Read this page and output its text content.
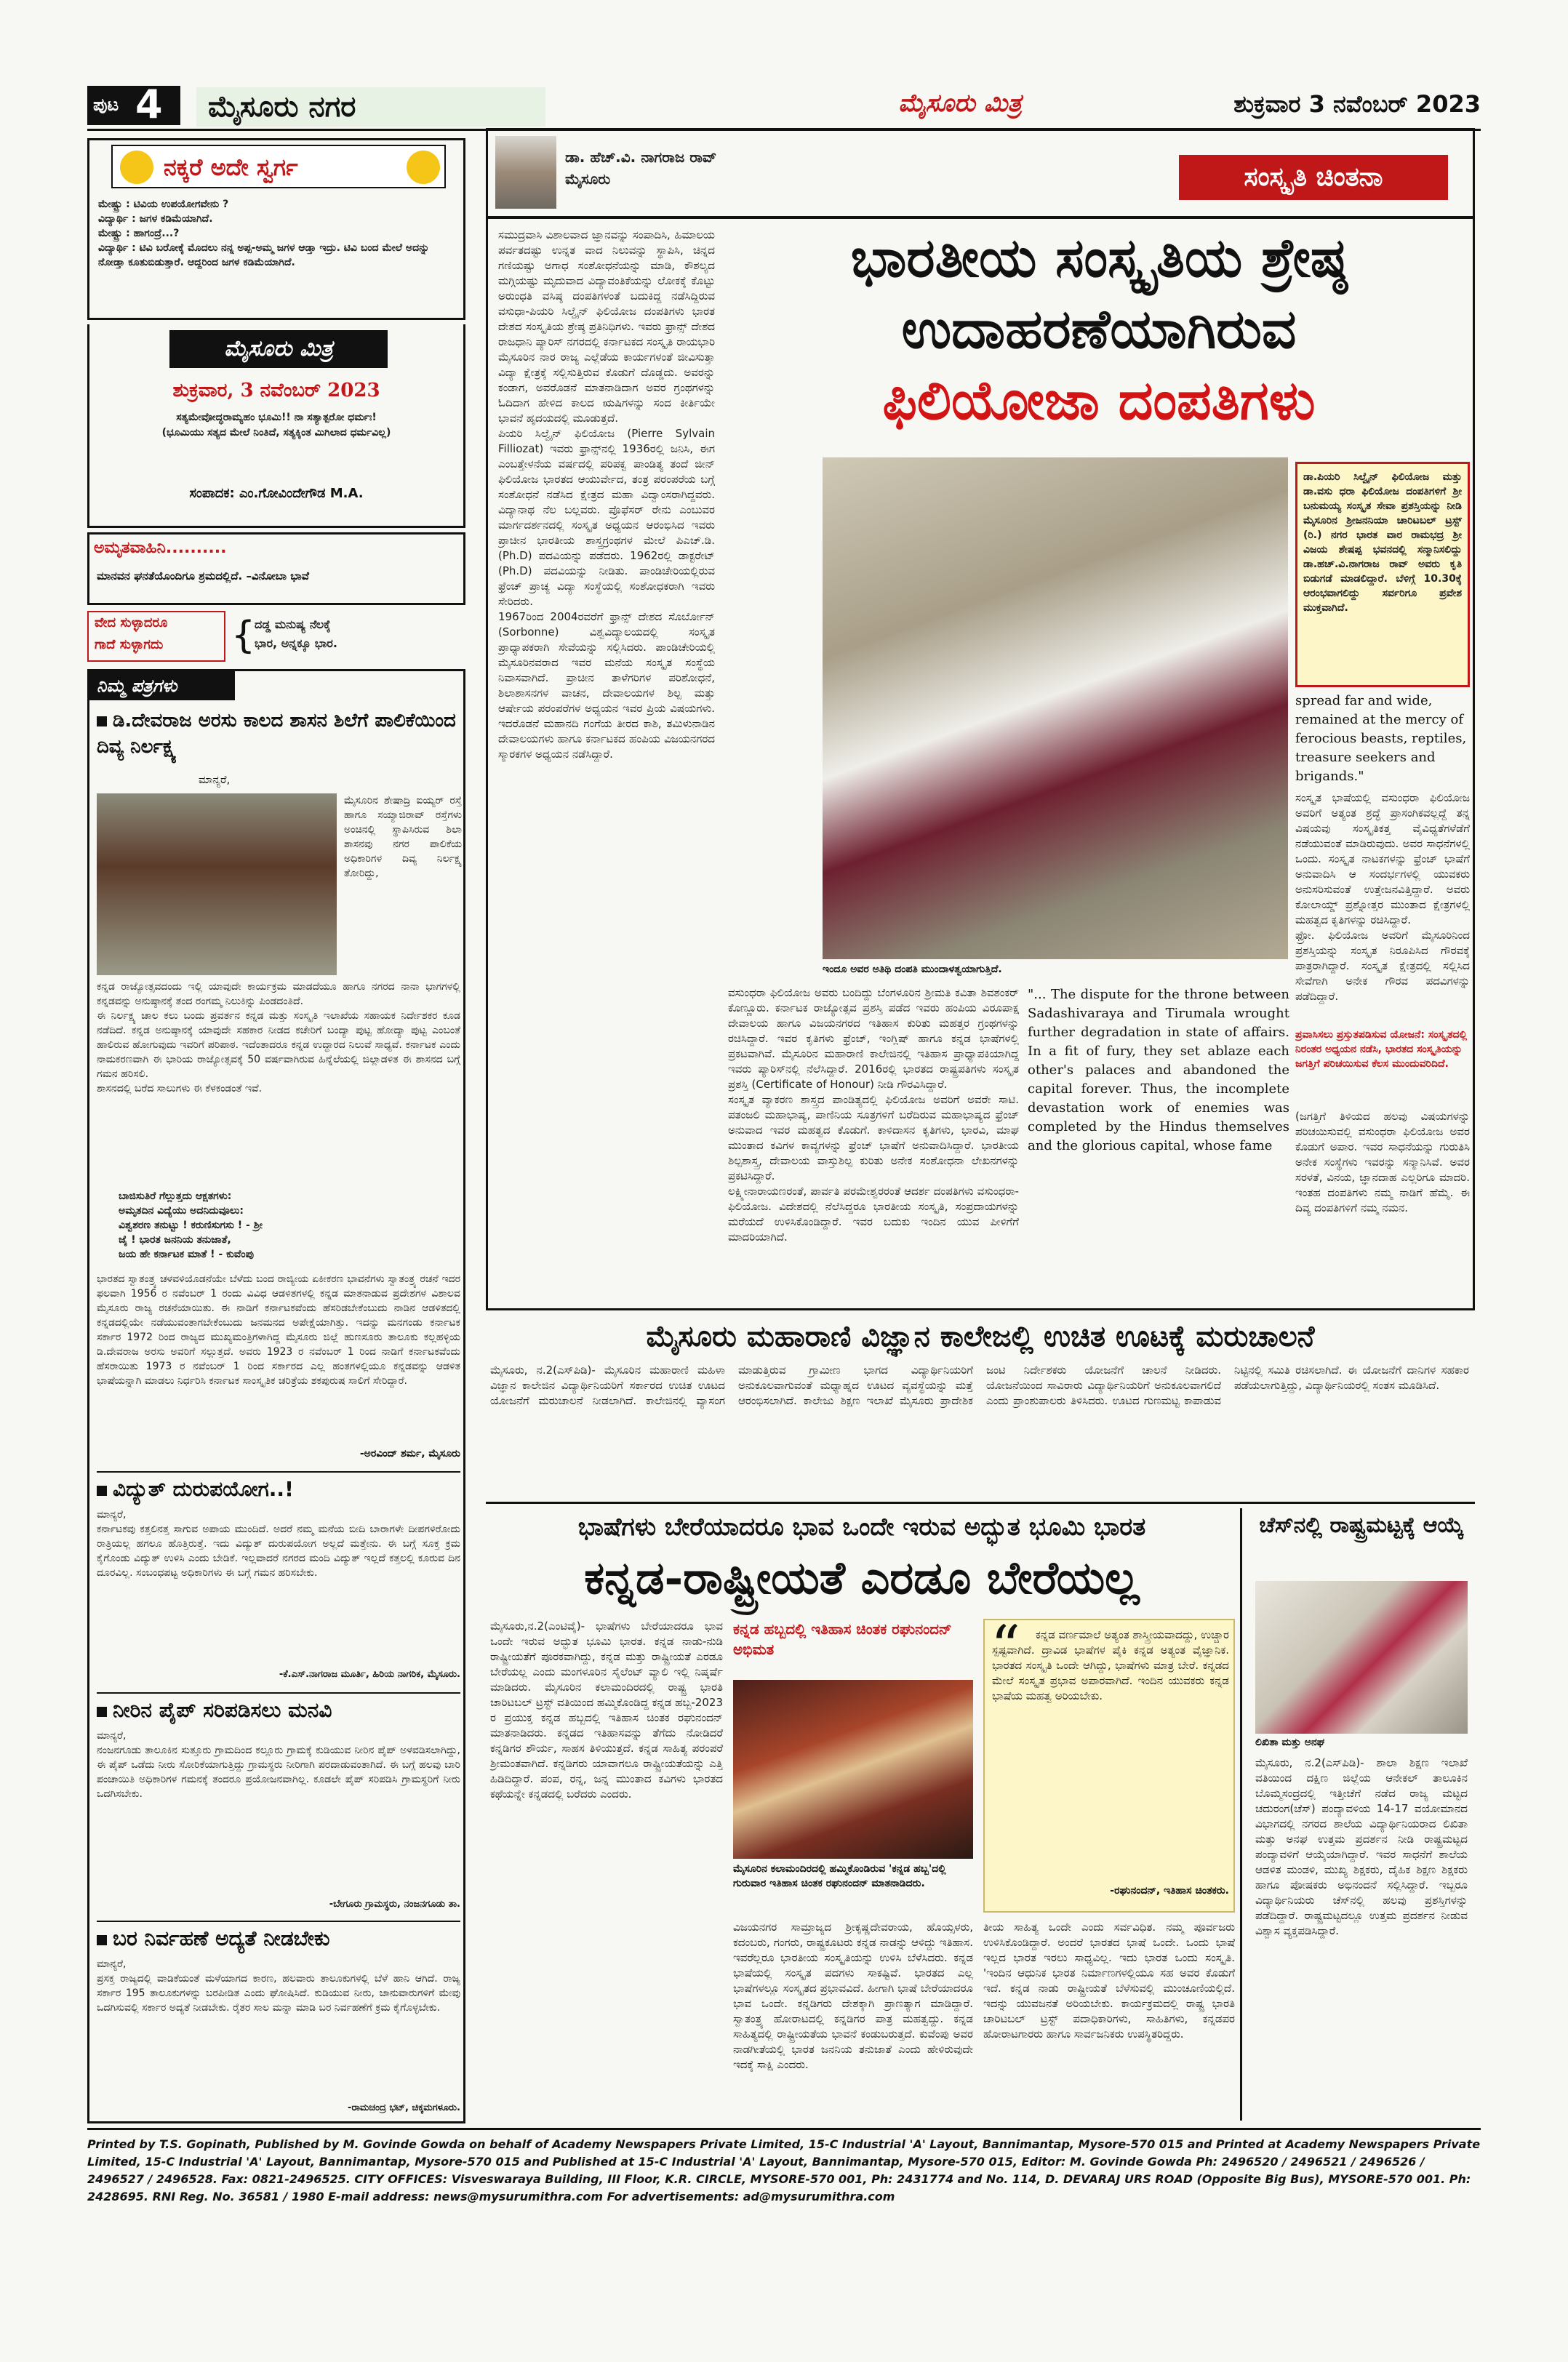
ಪುಟ 4	ಮೈಸೂರು ನಗರ	ಮೈಸೂರು ಮಿತ್ರ	ಶುಕ್ರವಾರ 3 ನವೆಂಬರ್ 2023
ನಕ್ಕರೆ ಅದೇ ಸ್ವರ್ಗ
ಮೇಷ್ಟ್ರು : ಟಿವಿಯ ಉಪಯೋಗವೇನು ?
ವಿದ್ಯಾರ್ಥಿ : ಜಗಳ ಕಡಿಮೆಯಾಗಿದೆ.
ಮೇಷ್ಟ್ರು : ಹಾಗಂದ್ರೆ...?
ವಿದ್ಯಾರ್ಥಿ : ಟಿವಿ ಬರೋಕ್ಕೆ ಮೊದಲು ನನ್ನ ಅಪ್ಪ-ಅಮ್ಮ ಜಗಳ ಆಡ್ತಾ ಇದ್ರು. ಟಿವಿ ಬಂದ ಮೇಲೆ ಅದನ್ನು ನೋಡ್ತಾ ಕೂತುಬಿಡುತ್ತಾರೆ. ಆದ್ದರಿಂದ ಜಗಳ ಕಡಿಮೆಯಾಗಿದೆ.
ಮೈಸೂರು ಮಿತ್ರ
ಶುಕ್ರವಾರ, 3 ನವೆಂಬರ್ 2023
ಸತ್ಯಮೇವೋದ್ಧರಾಮ್ಯಹಂ ಭೂಮಿ!! ನಾ ಸತ್ಯಾತ್ಪರೋ ಧರ್ಮಃ!
(ಭೂಮಿಯು ಸತ್ಯದ ಮೇಲೆ ನಿಂತಿದೆ, ಸತ್ಯಕ್ಕಿಂತ ಮಿಗಿಲಾದ ಧರ್ಮವಿಲ್ಲ)
ಸಂಪಾದಕ: ಎಂ.ಗೋವಿಂದೇಗೌಡ M.A.
ಅಮೃತವಾಹಿನಿ..........
ಮಾನವನ ಘನತೆಯೊಂದಿಗೂ ಶ್ರಮದಲ್ಲಿದೆ. –ವಿನೋಬಾ ಭಾವೆ
ವೇದ ಸುಳ್ಳಾದರೂ
ಗಾದೆ ಸುಳ್ಳಾಗದು	{
ದಡ್ಡ ಮನುಷ್ಯ ನೆಲಕ್ಕೆ
ಭಾರ, ಅನ್ನಕ್ಕೂ ಭಾರ.
ನಿಮ್ಮ ಪತ್ರಗಳು
ಡಿ.ದೇವರಾಜ ಅರಸು ಕಾಲದ ಶಾಸನ ಶಿಲೆಗೆ ಪಾಲಿಕೆಯಿಂದ ದಿವ್ಯ ನಿರ್ಲಕ್ಷ್ಯ
ಮಾನ್ಯರೆ,
ಮೈಸೂರಿನ ಶೇಷಾದ್ರಿ ಐಯ್ಯರ್ ರಸ್ತೆ ಹಾಗೂ ಸಯ್ಯಾಜಿರಾವ್ ರಸ್ತೆಗಳು ಅಂಚಿನಲ್ಲಿ ಸ್ಥಾಪಿಸಿರುವ ಶಿಲಾ ಶಾಸನವು ನಗರ ಪಾಲಿಕೆಯ ಅಧಿಕಾರಿಗಳ ದಿವ್ಯ ನಿರ್ಲಕ್ಷ್ಯ ತೋರಿದ್ದು,
ಕನ್ನಡ ರಾಜ್ಯೋತ್ಸವದಂದು ಇಲ್ಲಿ ಯಾವುದೇ ಕಾರ್ಯಕ್ರಮ ಮಾಡದೆಯೂ ಹಾಗೂ ನಗರದ ನಾನಾ ಭಾಗಗಳಲ್ಲಿ ಕನ್ನಡವನ್ನು ಅನುಷ್ಠಾನಕ್ಕೆ ತಂದ ರಂಗಮ್ಮ ನಿಲುಕಿನ್ನು ಪಿಂಡದಂತಿದೆ.
ಈ ನಿರ್ಲಕ್ಷ್ಯ ಚಾಲ ಕಲು ಬಂದು ಪ್ರವರ್ತನ ಕನ್ನಡ ಮತ್ತು ಸಂಸ್ಕೃತಿ ಇಲಾಖೆಯ ಸಹಾಯಕ ನಿರ್ದೇಶಕರ ಕೂಡ ನಡೆದಿದೆ. ಕನ್ನಡ ಅನುಷ್ಠಾನಕ್ಕೆ ಯಾವುದೇ ಸಹಕಾರ ನೀಡದ ಕಚೇರಿಗೆ ಬಂದ್ಯಾ ಪುಟ್ಟ ಹೋದ್ಯಾ ಪುಟ್ಟ ಎಂಬಂತೆ ಹಾಲಿರುವ ಹೋಗುವುದು ಇವರಿಗೆ ಪರಿಪಾಠ. ಇದೆಂತಾದರೂ ಕನ್ನಡ ಉದ್ಧಾರದ ನಿಲುವೆ ಸಾಧ್ಯವೆ. ಕರ್ನಾಟಕ ಎಂದು ನಾಮಕರಣವಾಗಿ ಈ ಭಾರಿಯ ರಾಜ್ಯೋತ್ಸವಕ್ಕೆ 50 ವರ್ಷವಾಗಿರುವ ಹಿನ್ನೆಲೆಯಲ್ಲಿ ಜಿಲ್ಲಾಡಳಿತ ಈ ಶಾಸನದ ಬಗ್ಗೆ ಗಮನ ಹರಿಸಲಿ.
ಶಾಸನದಲ್ಲಿ ಬರೆದ ಸಾಲುಗಳು ಈ ಕೆಳಕಂಡಂತೆ ಇವೆ.
ಬಾಜಿಸುತಿರೆ ಗೆಲ್ಲುತ್ತದು ಆಕ್ಷತಗಳು:
ಅಮೃತದಿನ ವಿದ್ಯೆಯು ಅದನಿದುವೂಲು:
ವಿಶ್ವಶರಣ ತನುಟ್ಟು ! ಕರುಣಿಸುಗಸು ! - ಶ್ರೀ
ಜೈ ! ಭಾರತ ಜನನಿಯ ತನುಜಾತೆ,
ಜಯ ಹೇ ಕರ್ನಾಟಕ ಮಾತೆ ! - ಕುವೆಂಪು
ಭಾರತದ ಸ್ವಾತಂತ್ರ್ಯ ಚಳವಳಿಯೊಡನೆಯೇ ಬೆಳೆದು ಬಂದ ರಾಜ್ಯೀಯ ಏಕೀಕರಣ ಭಾವನೆಗಳು ಸ್ವಾತಂತ್ರ್ಯ ರಚನೆ ಇದರ ಫಲವಾಗಿ 1956 ರ ನವೆಂಬರ್ 1 ರಂದು ವಿವಿಧ ಆಡಳಿತಗಳಲ್ಲಿ ಕನ್ನಡ ಮಾತನಾಡುವ ಪ್ರದೇಶಗಳ ವಿಶಾಲವ ಮೈಸೂರು ರಾಜ್ಯ ರಚನೆಯಾಯಿತು. ಈ ನಾಡಿಗೆ ಕರ್ನಾಟಕವೆಂದು ಹೆಸರಿಡಬೇಕೆಂಬುದು ನಾಡಿನ ಆಡಳಿತದಲ್ಲಿ ಕನ್ನಡದಲ್ಲಿಯೇ ನಡೆಯುವಂತಾಗಬೇಕೆಂಬುದು ಜನಮನದ ಅಪೇಕ್ಷೆಯಾಗಿತ್ತು. ಇದನ್ನು ಮನಗಂಡು ಕರ್ನಾಟಕ ಸರ್ಕಾರ 1972 ರಿಂದ ರಾಜ್ಯದ ಮುಖ್ಯಮಂತ್ರಿಗಳಾಗಿದ್ದ ಮೈಸೂರು ಜಿಲ್ಲೆ ಹುಣಸೂರು ತಾಲೂಕು ಕಲ್ಲಹಳ್ಳಿಯ ಡಿ.ದೇವರಾಜ ಅರಸು ಅವರಿಗೆ ಸಲ್ಲುತ್ತದೆ. ಅವರು 1923 ರ ನವೆಂಬರ್ 1 ರಿಂದ ನಾಡಿಗೆ ಕರ್ನಾಟಕವೆಂದು ಹೆಸರಾಯಿತು 1973 ರ ನವೆಂಬರ್ 1 ರಿಂದ ಸರ್ಕಾರದ ಎಲ್ಲ ಹಂತಗಳಲ್ಲಿಯೂ ಕನ್ನಡವನ್ನು ಆಡಳಿತ ಭಾಷೆಯನ್ನಾಗಿ ಮಾಡಲು ನಿರ್ಧರಿಸಿ ಕರ್ನಾಟಕ ಸಾಂಸ್ಕೃತಿಕ ಚರಿತ್ರೆಯ ಶಕಪುರುಷ ಸಾಲಿಗೆ ಸೇರಿದ್ದಾರೆ.
-ಅರವಿಂದ್ ಶರ್ಮ, ಮೈಸೂರು
ವಿದ್ಯುತ್ ದುರುಪಯೋಗ..!
ಮಾನ್ಯರೆ,
ಕರ್ನಾಟಕವು ಕತ್ತಲಿನತ್ತ ಸಾಗುವ ಅಪಾಯ ಮುಂದಿದೆ. ಅದರೆ ನಮ್ಮ ಮನೆಯ ಬೀದಿ ಬಾರಾಗಳೇ ದೀಪಗಳಿರೋದು ರಾತ್ರಿಯಲ್ಲ ಹಗಲೂ ಹೊತ್ತಿರುತ್ತೆ. ಇದು ವಿದ್ಯುತ್ ದುರುಪಯೋಗ ಅಲ್ಲದೆ ಮತ್ತೇನು. ಈ ಬಗ್ಗೆ ಸೂಕ್ತ ಕ್ರಮ ಕೈಗೊಂಡು ವಿದ್ಯುತ್ ಉಳಿಸಿ ಎಂದು ಬೇಡಿಕೆ. ಇಲ್ಲವಾದರೆ ನಗರದ ಮಂದಿ ವಿದ್ಯುತ್ ಇಲ್ಲದೆ ಕತ್ತಲಲ್ಲಿ ಕೂರುವ ದಿನ ದೂರವಿಲ್ಲ. ಸಂಬಂಧಪಟ್ಟ ಅಧಿಕಾರಿಗಳು ಈ ಬಗ್ಗೆ ಗಮನ ಹರಿಸಬೇಕು.
-ಕೆ.ಎಸ್.ನಾಗರಾಜ ಮೂರ್ತಿ, ಹಿರಿಯ ನಾಗರಿಕ, ಮೈಸೂರು.
ನೀರಿನ ಪೈಪ್ ಸರಿಪಡಿಸಲು ಮನವಿ
ಮಾನ್ಯರೆ,
ನಂಜನಗೂಡು ತಾಲೂಕಿನ ಸುತ್ತೂರು ಗ್ರಾಮದಿಂದ ಕಲ್ಲೂರು ಗ್ರಾಮಕ್ಕೆ ಕುಡಿಯುವ ನೀರಿನ ಪೈಪ್ ಅಳವಡಿಸಲಾಗಿದ್ದು, ಈ ಪೈಪ್ ಒಡೆದು ನೀರು ಸೋರಿಕೆಯಾಗುತ್ತಿದ್ದು ಗ್ರಾಮಸ್ಥರು ನೀರಿಗಾಗಿ ಪರದಾಡುವಂತಾಗಿದೆ. ಈ ಬಗ್ಗೆ ಹಲವು ಬಾರಿ ಪಂಚಾಯಿತಿ ಅಧಿಕಾರಿಗಳ ಗಮನಕ್ಕೆ ತಂದರೂ ಪ್ರಯೋಜನವಾಗಿಲ್ಲ. ಕೂಡಲೇ ಪೈಪ್ ಸರಿಪಡಿಸಿ ಗ್ರಾಮಸ್ಥರಿಗೆ ನೀರು ಒದಗಿಸಬೇಕು.
-ಬೇಗೂರು ಗ್ರಾಮಸ್ಥರು, ನಂಜನಗೂಡು ತಾ.
ಬರ ನಿರ್ವಹಣೆ ಅದ್ಯತೆ ನೀಡಬೇಕು
ಮಾನ್ಯರೆ,
ಪ್ರಸಕ್ತ ರಾಜ್ಯದಲ್ಲಿ ವಾಡಿಕೆಯಂತೆ ಮಳೆಯಾಗದ ಕಾರಣ, ಹಲವಾರು ತಾಲೂಕುಗಳಲ್ಲಿ ಬೆಳೆ ಹಾನಿ ಆಗಿದೆ. ರಾಜ್ಯ ಸರ್ಕಾರ 195 ತಾಲೂಕುಗಳನ್ನು ಬರಪೀಡಿತ ಎಂದು ಘೋಷಿಸಿದೆ. ಕುಡಿಯುವ ನೀರು, ಜಾನುವಾರುಗಳಿಗೆ ಮೇವು ಒದಗಿಸುವಲ್ಲಿ ಸರ್ಕಾರ ಅದ್ಯತೆ ನೀಡಬೇಕು. ರೈತರ ಸಾಲ ಮನ್ನಾ ಮಾಡಿ ಬರ ನಿರ್ವಹಣೆಗೆ ಕ್ರಮ ಕೈಗೊಳ್ಳಬೇಕು.
-ರಾಮಚಂದ್ರ ಭಟ್, ಚಿಕ್ಕಮಗಳೂರು.
ಡಾ. ಹೆಚ್.ವಿ. ನಾಗರಾಜ ರಾವ್
ಮೈಸೂರು	ಸಂಸ್ಕೃತಿ ಚಿಂತನಾ
ಸಮುದ್ರವಾಸಿ ವಿಶಾಲವಾದ ಜ್ಞಾನವನ್ನು ಸಂಪಾದಿಸಿ, ಹಿಮಾಲಯ ಪರ್ವತದಷ್ಟು ಉನ್ನತ ವಾದ ನಿಲುವನ್ನು ಸ್ಥಾಪಿಸಿ, ಚಿನ್ನದ ಗಣಿಯಷ್ಟು ಅಗಾಧ ಸಂಶೋಧನೆಯನ್ನು ಮಾಡಿ, ಕೌಶಲ್ಯದ ಮಗ್ಗಿಯಷ್ಟು ಮೃದುವಾದ ವಿದ್ಯಾವಂತಿಕೆಯನ್ನು ಲೋಕಕ್ಕೆ ಕೊಟ್ಟು ಅರುಂಧತಿ ವಸಿಷ್ಠ ದಂಪತಿಗಳಂತೆ ಬದುಕಿದ್ದ ನಡೆಸಿದ್ದಿರುವ ವಸುಧಾ-ಪಿಯರಿ ಸಿಲ್ವೈನ್ ಫಿಲಿಯೋಜ ದಂಪತಿಗಳು ಭಾರತ ದೇಶದ ಸಂಸ್ಕೃತಿಯ ಶ್ರೇಷ್ಠ ಪ್ರತಿನಿಧಿಗಳು. ಇವರು ಫ್ರಾನ್ಸ್ ದೇಶದ ರಾಜಧಾನಿ ಪ್ಯಾರಿಸ್ ನಗರದಲ್ಲಿ ಕರ್ನಾಟಕದ ಸಂಸ್ಕೃತಿ ರಾಯಭಾರಿ ಮೈಸೂರಿನ ನಾರ ರಾಜ್ಯ ಎಲ್ಲೆಡೆಯ ಕಾರ್ಯಗಳಂತೆ ಜೀವಿಸುತ್ತಾ ವಿದ್ಯಾ ಕ್ಷೇತ್ರಕ್ಕೆ ಸಲ್ಲಿಸುತ್ತಿರುವ ಕೊಡುಗೆ ದೊಡ್ಡದು. ಅವರನ್ನು ಕಂಡಾಗ, ಅವರೊಡನೆ ಮಾತನಾಡಿದಾಗ ಅವರ ಗ್ರಂಥಗಳನ್ನು ಓದಿದಾಗ ಹೇಳಿದ ಕಾಲದ ಋಷಿಗಳನ್ನು ಸಂದ ಕೀರ್ತಿಯೇ ಭಾವನೆ ಹೃದಯದಲ್ಲಿ ಮೂಡುತ್ತದೆ.
ಪಿಯರಿ ಸಿಲ್ವೈನ್ ಫಿಲಿಯೋಜ (Pierre Sylvain Filliozat) ಇವರು ಫ್ರಾನ್ಸ್‌ನಲ್ಲಿ 1936ರಲ್ಲಿ ಜನಿಸಿ, ಈಗ ಎಂಬತ್ತೇಳನೆಯ ವರ್ಷದಲ್ಲಿ ಪರಿಪಕ್ವ ಪಾಂಡಿತ್ಯ ತಂದೆ ಜೀನ್ ಫಿಲಿಯೋಜ ಭಾರತದ ಆಯುರ್ವೇದ, ತಂತ್ರ ಪರಂಪರೆಯ ಬಗ್ಗೆ ಸಂಶೋಧನೆ ನಡೆಸಿದ ಕ್ಷೇತ್ರದ ಮಹಾ ವಿದ್ವಾಂಸರಾಗಿದ್ದವರು. ವಿದ್ಯಾನಾಥ ನೆಲ ಬಲ್ಲವರು. ಪ್ರೊಫೆಸರ್ ರೇನು ಎಂಬುವರ ಮಾರ್ಗದರ್ಶನದಲ್ಲಿ ಸಂಸ್ಕೃತ ಅಧ್ಯಯನ ಆರಂಭಿಸಿದ ಇವರು ಪ್ರಾಚೀನ ಭಾರತೀಯ ಶಾಸ್ತ್ರಗ್ರಂಥಗಳ ಮೇಲೆ ಪಿಎಚ್.ಡಿ. (Ph.D) ಪದವಿಯನ್ನು ಪಡೆದರು. 1962ರಲ್ಲಿ ಡಾಕ್ಟರೇಟ್ (Ph.D) ಪದವಿಯನ್ನು ನೀಡಿತು. ಪಾಂಡಿಚೇರಿಯಲ್ಲಿರುವ ಫ್ರೆಂಚ್ ಪ್ರಾಚ್ಯ ವಿದ್ಯಾ ಸಂಸ್ಥೆಯಲ್ಲಿ ಸಂಶೋಧಕರಾಗಿ ಇವರು ಸೇರಿದರು.
1967ರಿಂದ 2004ರವರೆಗೆ ಫ್ರಾನ್ಸ್ ದೇಶದ ಸೊರ್ಬೋನ್ (Sorbonne) ವಿಶ್ವವಿದ್ಯಾಲಯದಲ್ಲಿ ಸಂಸ್ಕೃತ ಪ್ರಾಧ್ಯಾಪಕರಾಗಿ ಸೇವೆಯನ್ನು ಸಲ್ಲಿಸಿದರು. ಪಾಂಡಿಚೇರಿಯಲ್ಲಿ ಮೈಸೂರಿನವರಾದ ಇವರ ಮನೆಯ ಸಂಸ್ಕೃತ ಸಂಸ್ಥೆಯ ನಿವಾಸವಾಗಿದೆ. ಪ್ರಾಚೀನ ತಾಳೆಗರಿಗಳ ಪರಿಶೋಧನೆ, ಶಿಲಾಶಾಸನಗಳ ವಾಚನ, ದೇವಾಲಯಗಳ ಶಿಲ್ಪ ಮತ್ತು ಆರ್ಷೇಯ ಪರಂಪರೆಗಳ ಅಧ್ಯಯನ ಇವರ ಪ್ರಿಯ ವಿಷಯಗಳು. ಇದರೊಡನೆ ಮಹಾನದಿ ಗಂಗೆಯ ತೀರದ ಕಾಶಿ, ತಮಿಳುನಾಡಿನ ದೇವಾಲಯಗಳು ಹಾಗೂ ಕರ್ನಾಟಕದ ಹಂಪಿಯ ವಿಜಯನಗರದ ಸ್ಮಾರಕಗಳ ಅಧ್ಯಯನ ನಡೆಸಿದ್ದಾರೆ.
ಭಾರತೀಯ ಸಂಸ್ಕೃತಿಯ ಶ್ರೇಷ್ಠ
ಉದಾಹರಣೆಯಾಗಿರುವ
ಫಿಲಿಯೋಜಾ ದಂಪತಿಗಳು
ಇಂದೂ ಅವರ ಅತಿಥಿ ದಂಪತಿ ಮುಂದಾಳತ್ವಯಾಗುತ್ತಿದೆ.
ಡಾ.ಪಿಯರಿ ಸಿಲ್ವೈನ್ ಫಿಲಿಯೋಜ ಮತ್ತು ಡಾ.ವಸು ಧರಾ ಫಿಲಿಯೋಜ ದಂಪತಿಗಳಿಗೆ ಶ್ರೀ ಬನುಮಯ್ಯ ಸಂಸ್ಕೃತ ಸೇವಾ ಪ್ರಶಸ್ತಿಯನ್ನು ನೀಡಿ ಮೈಸೂರಿನ ಶ್ರೀಜನನಿಯಾ ಚಾರಿಟಬಲ್ ಟ್ರಸ್ಟ್ (ರಿ.) ನಗರ ಭಾರತ ವಾರ ರಾಮಭದ್ರ ಶ್ರೀ ವಿಜಯ ಶೇಷಪ್ಪ ಭವನದಲ್ಲಿ ಸನ್ಮಾನಿಸಲಿದ್ದು ಡಾ.ಹಚ್.ವಿ.ನಾಗರಾಜ ರಾವ್ ಅವರು ಕೃತಿ ಬಿಡುಗಡೆ ಮಾಡಲಿದ್ದಾರೆ. ಬೆಳಿಗ್ಗೆ 10.30ಕ್ಕೆ ಆರಂಭವಾಗಲಿದ್ದು ಸರ್ವರಿಗೂ ಪ್ರವೇಶ ಮುಕ್ತವಾಗಿದೆ.
ವಸುಂಧರಾ ಫಿಲಿಯೋಜ ಅವರು ಬಂದಿದ್ದು ಬೆಂಗಳೂರಿನ ಶ್ರೀಮತಿ ಕವಿತಾ ಶಿವಶಂಕರ್ ಕೊಣ್ಣೂರು. ಕರ್ನಾಟಕ ರಾಜ್ಯೋತ್ಸವ ಪ್ರಶಸ್ತಿ ಪಡೆದ ಇವರು ಹಂಪಿಯ ವಿರೂಪಾಕ್ಷ ದೇವಾಲಯ ಹಾಗೂ ವಿಜಯನಗರದ ಇತಿಹಾಸ ಕುರಿತು ಮಹತ್ತರ ಗ್ರಂಥಗಳನ್ನು ರಚಿಸಿದ್ದಾರೆ. ಇವರ ಕೃತಿಗಳು ಫ್ರೆಂಚ್, ಇಂಗ್ಲಿಷ್ ಹಾಗೂ ಕನ್ನಡ ಭಾಷೆಗಳಲ್ಲಿ ಪ್ರಕಟವಾಗಿವೆ. ಮೈಸೂರಿನ ಮಹಾರಾಣಿ ಕಾಲೇಜಿನಲ್ಲಿ ಇತಿಹಾಸ ಪ್ರಾಧ್ಯಾಪಕಿಯಾಗಿದ್ದ ಇವರು ಪ್ಯಾರಿಸ್‌ನಲ್ಲಿ ನೆಲೆಸಿದ್ದಾರೆ. 2016ರಲ್ಲಿ ಭಾರತದ ರಾಷ್ಟ್ರಪತಿಗಳು ಸಂಸ್ಕೃತ ಪ್ರಶಸ್ತಿ (Certificate of Honour) ನೀಡಿ ಗೌರವಿಸಿದ್ದಾರೆ.
ಸಂಸ್ಕೃತ ವ್ಯಾಕರಣ ಶಾಸ್ತ್ರದ ಪಾಂಡಿತ್ಯದಲ್ಲಿ ಫಿಲಿಯೋಜ ಅವರಿಗೆ ಅವರೇ ಸಾಟಿ. ಪತಂಜಲಿ ಮಹಾಭಾಷ್ಯ, ಪಾಣಿನಿಯ ಸೂತ್ರಗಳಿಗೆ ಬರೆದಿರುವ ಮಹಾಭಾಷ್ಯದ ಫ್ರೆಂಚ್ ಅನುವಾದ ಇವರ ಮಹತ್ವದ ಕೊಡುಗೆ. ಕಾಳಿದಾಸನ ಕೃತಿಗಳು, ಭಾರವಿ, ಮಾಘ ಮುಂತಾದ ಕವಿಗಳ ಕಾವ್ಯಗಳನ್ನು ಫ್ರೆಂಚ್ ಭಾಷೆಗೆ ಅನುವಾದಿಸಿದ್ದಾರೆ. ಭಾರತೀಯ ಶಿಲ್ಪಶಾಸ್ತ್ರ, ದೇವಾಲಯ ವಾಸ್ತುಶಿಲ್ಪ ಕುರಿತು ಅನೇಕ ಸಂಶೋಧನಾ ಲೇಖನಗಳನ್ನು ಪ್ರಕಟಿಸಿದ್ದಾರೆ.
ಲಕ್ಷ್ಮೀನಾರಾಯಣರಂತೆ, ಪಾರ್ವತಿ ಪರಮೇಶ್ವರರಂತೆ ಆದರ್ಶ ದಂಪತಿಗಳು ವಸುಂಧರಾ-ಫಿಲಿಯೋಜ. ವಿದೇಶದಲ್ಲಿ ನೆಲೆಸಿದ್ದರೂ ಭಾರತೀಯ ಸಂಸ್ಕೃತಿ, ಸಂಪ್ರದಾಯಗಳನ್ನು ಮರೆಯದೆ ಉಳಿಸಿಕೊಂಡಿದ್ದಾರೆ. ಇವರ ಬದುಕು ಇಂದಿನ ಯುವ ಪೀಳಿಗೆಗೆ ಮಾದರಿಯಾಗಿದೆ.
"... The dispute for the throne between Sadashivaraya and Tirumala wrought further degradation in state of affairs. In a fit of fury, they set ablaze each other's palaces and abandoned the capital forever. Thus, the incomplete devastation work of enemies was completed by the Hindus themselves and the glorious capital, whose fame
spread far and wide, remained at the mercy of ferocious beasts, reptiles, treasure seekers and brigands."
ಸಂಸ್ಕೃತ ಭಾಷೆಯಲ್ಲಿ ವಸುಂಧರಾ ಫಿಲಿಯೋಜ ಅವರಿಗೆ ಅತ್ಯಂತ ಶ್ರದ್ಧೆ ಪ್ರಾಸಂಗಿಕವಲ್ಲದ್ದೆ ತನ್ನ ವಿಷಯವು ಸಂಸ್ಕೃತಿಕತ್ತ ವೈವಿಧ್ಯತೆಗಳೆಡೆಗೆ ನಡೆಯುವಂತೆ ಮಾಡಿರುವುದು. ಅವರ ಸಾಧನೆಗಳಲ್ಲಿ ಒಂದು. ಸಂಸ್ಕೃತ ನಾಟಕಗಳನ್ನು ಫ್ರೆಂಚ್ ಭಾಷೆಗೆ ಅನುವಾದಿಸಿ ಆ ಸಂದರ್ಭಗಳಲ್ಲಿ ಯುವಕರು ಅನುಸರಿಸುವಂತೆ ಉತ್ತೇಜನವಿತ್ತಿದ್ದಾರೆ. ಅವರು ಕೋಲಾಯ್ಡ್ ಪ್ರಶ್ನೋತ್ತರ ಮುಂತಾದ ಕ್ಷೇತ್ರಗಳಲ್ಲಿ ಮಹತ್ವದ ಕೃತಿಗಳನ್ನು ರಚಿಸಿದ್ದಾರೆ.
ಫ್ರೋ. ಫಿಲಿಯೋಜ ಅವರಿಗೆ ಮೈಸೂರಿನಿಂದ ಪ್ರಶಸ್ತಿಯನ್ನು ಸಂಸ್ಕೃತ ನಿರೂಪಿಸಿದ ಗೌರವಕ್ಕೆ ಪಾತ್ರರಾಗಿದ್ದಾರೆ. ಸಂಸ್ಕೃತ ಕ್ಷೇತ್ರದಲ್ಲಿ ಸಲ್ಲಿಸಿದ ಸೇವೆಗಾಗಿ ಅನೇಕ ಗೌರವ ಪದವಿಗಳನ್ನು ಪಡೆದಿದ್ದಾರೆ.
ಪ್ರವಾಸಿಸಲು ಪ್ರಸ್ತುತಪಡಿಸುವ ಯೋಜನೆ: ಸಂಸ್ಕೃತದಲ್ಲಿ ನಿರಂತರ ಅಧ್ಯಯನ ನಡೆಸಿ, ಭಾರತದ ಸಂಸ್ಕೃತಿಯನ್ನು ಜಗತ್ತಿಗೆ ಪರಿಚಯಿಸುವ ಕೆಲಸ ಮುಂದುವರಿದಿದೆ.
(ಜಗತ್ತಿಗೆ ತಿಳಿಯದ ಹಲವು ವಿಷಯಗಳನ್ನು ಪರಿಚಯಿಸುವಲ್ಲಿ ವಸುಂಧರಾ ಫಿಲಿಯೋಜ ಅವರ ಕೊಡುಗೆ ಅಪಾರ. ಇವರ ಸಾಧನೆಯನ್ನು ಗುರುತಿಸಿ ಅನೇಕ ಸಂಸ್ಥೆಗಳು ಇವರನ್ನು ಸನ್ಮಾನಿಸಿವೆ. ಅವರ ಸರಳತೆ, ವಿನಯ, ಜ್ಞಾನದಾಹ ಎಲ್ಲರಿಗೂ ಮಾದರಿ. ಇಂತಹ ದಂಪತಿಗಳು ನಮ್ಮ ನಾಡಿಗೆ ಹೆಮ್ಮೆ. ಈ ದಿವ್ಯ ದಂಪತಿಗಳಿಗೆ ನಮ್ಮ ನಮನ.
ಮೈಸೂರು ಮಹಾರಾಣಿ ವಿಜ್ಞಾನ ಕಾಲೇಜಲ್ಲಿ ಉಚಿತ ಊಟಕ್ಕೆ ಮರುಚಾಲನೆ
ಮೈಸೂರು, ನ.2(ಎಸ್‌ಪಿಡಿ)- ಮೈಸೂರಿನ ಮಹಾರಾಣಿ ಮಹಿಳಾ ವಿಜ್ಞಾನ ಕಾಲೇಜಿನ ವಿದ್ಯಾರ್ಥಿನಿಯರಿಗೆ ಸರ್ಕಾರದ ಉಚಿತ ಊಟದ ಯೋಜನೆಗೆ ಮರುಚಾಲನೆ ನೀಡಲಾಗಿದೆ. ಕಾಲೇಜಿನಲ್ಲಿ ವ್ಯಾಸಂಗ ಮಾಡುತ್ತಿರುವ ಗ್ರಾಮೀಣ ಭಾಗದ ವಿದ್ಯಾರ್ಥಿನಿಯರಿಗೆ ಅನುಕೂಲವಾಗುವಂತೆ ಮಧ್ಯಾಹ್ನದ ಊಟದ ವ್ಯವಸ್ಥೆಯನ್ನು ಮತ್ತೆ ಆರಂಭಿಸಲಾಗಿದೆ. ಕಾಲೇಜು ಶಿಕ್ಷಣ ಇಲಾಖೆ ಮೈಸೂರು ಪ್ರಾದೇಶಿಕ ಜಂಟಿ ನಿರ್ದೇಶಕರು ಯೋಜನೆಗೆ ಚಾಲನೆ ನೀಡಿದರು. ಯೋಜನೆಯಿಂದ ಸಾವಿರಾರು ವಿದ್ಯಾರ್ಥಿನಿಯರಿಗೆ ಅನುಕೂಲವಾಗಲಿದೆ ಎಂದು ಪ್ರಾಂಶುಪಾಲರು ತಿಳಿಸಿದರು. ಊಟದ ಗುಣಮಟ್ಟ ಕಾಪಾಡುವ ನಿಟ್ಟಿನಲ್ಲಿ ಸಮಿತಿ ರಚಿಸಲಾಗಿದೆ. ಈ ಯೋಜನೆಗೆ ದಾನಿಗಳ ಸಹಕಾರ ಪಡೆಯಲಾಗುತ್ತಿದ್ದು, ವಿದ್ಯಾರ್ಥಿನಿಯರಲ್ಲಿ ಸಂತಸ ಮೂಡಿಸಿದೆ.
ಭಾಷೆಗಳು ಬೇರೆಯಾದರೂ ಭಾವ ಒಂದೇ ಇರುವ ಅದ್ಭುತ ಭೂಮಿ ಭಾರತ
ಕನ್ನಡ-ರಾಷ್ಟ್ರೀಯತೆ ಎರಡೂ ಬೇರೆಯಲ್ಲ
ಮೈಸೂರು,ನ.2(ಎಂಟಿವೈ)- ಭಾಷೆಗಳು ಬೇರೆಯಾದರೂ ಭಾವ ಒಂದೇ ಇರುವ ಅದ್ಭುತ ಭೂಮಿ ಭಾರತ. ಕನ್ನಡ ನಾಡು-ನುಡಿ ರಾಷ್ಟ್ರೀಯತೆಗೆ ಪೂರಕವಾಗಿದ್ದು, ಕನ್ನಡ ಮತ್ತು ರಾಷ್ಟ್ರೀಯತೆ ಎರಡೂ ಬೇರೆಯಲ್ಲ ಎಂದು ಮಂಗಳೂರಿನ ಸೈಲೆಂಟ್ ವ್ಯಾಲಿ ಇಲ್ಲಿ ನಿಷ್ಕರ್ಷೆ ಮಾಡಿದರು. ಮೈಸೂರಿನ ಕಲಾಮಂದಿರದಲ್ಲಿ ರಾಷ್ಟ್ರ ಭಾರತಿ ಚಾರಿಟಬಲ್ ಟ್ರಸ್ಟ್ ವತಿಯಿಂದ ಹಮ್ಮಿಕೊಂಡಿದ್ದ ಕನ್ನಡ ಹಬ್ಬ-2023 ರ ಪ್ರಯುಕ್ತ ಕನ್ನಡ ಹಬ್ಬದಲ್ಲಿ ಇತಿಹಾಸ ಚಿಂತಕ ರಘುನಂದನ್ ಮಾತನಾಡಿದರು. ಕನ್ನಡದ ಇತಿಹಾಸವನ್ನು ತೆಗೆದು ನೋಡಿದರೆ ಕನ್ನಡಿಗರ ಶೌರ್ಯ, ಸಾಹಸ ತಿಳಿಯುತ್ತದೆ. ಕನ್ನಡ ಸಾಹಿತ್ಯ ಪರಂಪರೆ ಶ್ರೀಮಂತವಾಗಿದೆ. ಕನ್ನಡಿಗರು ಯಾವಾಗಲೂ ರಾಷ್ಟ್ರೀಯತೆಯನ್ನು ಎತ್ತಿ ಹಿಡಿದಿದ್ದಾರೆ. ಪಂಪ, ರನ್ನ, ಜನ್ನ ಮುಂತಾದ ಕವಿಗಳು ಭಾರತದ ಕಥೆಯನ್ನೇ ಕನ್ನಡದಲ್ಲಿ ಬರೆದರು ಎಂದರು.
ಕನ್ನಡ ಹಬ್ಬದಲ್ಲಿ ಇತಿಹಾಸ ಚಿಂತಕ ರಘುನಂದನ್ ಅಭಿಮತ
ಮೈಸೂರಿನ ಕಲಾಮಂದಿರದಲ್ಲಿ ಹಮ್ಮಿಕೊಂಡಿರುವ 'ಕನ್ನಡ ಹಬ್ಬ'ದಲ್ಲಿ ಗುರುವಾರ ಇತಿಹಾಸ ಚಿಂತಕ ರಘುನಂದನ್ ಮಾತನಾಡಿದರು.
“	ಕನ್ನಡ ವರ್ಣಮಾಲೆ ಅತ್ಯಂತ ಶಾಸ್ತ್ರೀಯವಾದದ್ದು, ಉಚ್ಚಾರ ಸ್ಪಷ್ಟವಾಗಿದೆ. ದ್ರಾವಿಡ ಭಾಷೆಗಳ ಪೈಕಿ ಕನ್ನಡ ಅತ್ಯಂತ ವೈಜ್ಞಾನಿಕ. ಭಾರತದ ಸಂಸ್ಕೃತಿ ಒಂದೇ ಆಗಿದ್ದು, ಭಾಷೆಗಳು ಮಾತ್ರ ಬೇರೆ. ಕನ್ನಡದ ಮೇಲೆ ಸಂಸ್ಕೃತ ಪ್ರಭಾವ ಅಪಾರವಾಗಿದೆ. ಇಂದಿನ ಯುವಕರು ಕನ್ನಡ ಭಾಷೆಯ ಮಹತ್ವ ಅರಿಯಬೇಕು.
-ರಘುನಂದನ್, ಇತಿಹಾಸ ಚಿಂತಕರು.
ವಿಜಯನಗರ ಸಾಮ್ರಾಜ್ಯದ ಶ್ರೀಕೃಷ್ಣದೇವರಾಯ, ಹೊಯ್ಸಳರು, ಕದಂಬರು, ಗಂಗರು, ರಾಷ್ಟ್ರಕೂಟರು ಕನ್ನಡ ನಾಡನ್ನು ಆಳಿದ್ದು ಇತಿಹಾಸ. ಇವರೆಲ್ಲರೂ ಭಾರತೀಯ ಸಂಸ್ಕೃತಿಯನ್ನು ಉಳಿಸಿ ಬೆಳೆಸಿದರು. ಕನ್ನಡ ಭಾಷೆಯಲ್ಲಿ ಸಂಸ್ಕೃತ ಪದಗಳು ಸಾಕಷ್ಟಿವೆ. ಭಾರತದ ಎಲ್ಲ ಭಾಷೆಗಳಲ್ಲೂ ಸಂಸ್ಕೃತದ ಪ್ರಭಾವವಿದೆ. ಹೀಗಾಗಿ ಭಾಷೆ ಬೇರೆಯಾದರೂ ಭಾವ ಒಂದೇ. ಕನ್ನಡಿಗರು ದೇಶಕ್ಕಾಗಿ ಪ್ರಾಣತ್ಯಾಗ ಮಾಡಿದ್ದಾರೆ. ಸ್ವಾತಂತ್ರ್ಯ ಹೋರಾಟದಲ್ಲಿ ಕನ್ನಡಿಗರ ಪಾತ್ರ ಮಹತ್ವದ್ದು. ಕನ್ನಡ ಸಾಹಿತ್ಯದಲ್ಲಿ ರಾಷ್ಟ್ರೀಯತೆಯ ಭಾವನೆ ಕಂಡುಬರುತ್ತದೆ. ಕುವೆಂಪು ಅವರ ನಾಡಗೀತೆಯಲ್ಲಿ ಭಾರತ ಜನನಿಯ ತನುಜಾತೆ ಎಂದು ಹೇಳಿರುವುದೇ ಇದಕ್ಕೆ ಸಾಕ್ಷಿ ಎಂದರು.
ತೀಯ ಸಾಹಿತ್ಯ ಒಂದೇ ಎಂದು ಸರ್ವವಿಧಿತ. ನಮ್ಮ ಪೂರ್ವಜರು ಉಳಿಸಿಕೊಂಡಿದ್ದಾರೆ. ಅಂದರೆ ಭಾರತದ ಭಾಷೆ ಒಂದೇ. ಒಂದು ಭಾಷೆ ಇಲ್ಲದ ಭಾರತ ಇರಲು ಸಾಧ್ಯವಿಲ್ಲ. ಇದು ಭಾರತ ಒಂದು ಸಂಸ್ಕೃತಿ. 'ಇಂದಿನ ಆಧುನಿಕ ಭಾರತ ನಿರ್ಮಾಣಗಳಲ್ಲಿಯೂ ಸಹ ಅವರ ಕೊಡುಗೆ ಇದೆ. ಕನ್ನಡ ನಾಡು ರಾಷ್ಟ್ರೀಯತೆ ಬೆಳೆಸುವಲ್ಲಿ ಮುಂಚೂಣಿಯಲ್ಲಿದೆ. ಇದನ್ನು ಯುವಜನತೆ ಅರಿಯಬೇಕು. ಕಾರ್ಯಕ್ರಮದಲ್ಲಿ ರಾಷ್ಟ್ರ ಭಾರತಿ ಚಾರಿಟಬಲ್ ಟ್ರಸ್ಟ್ ಪದಾಧಿಕಾರಿಗಳು, ಸಾಹಿತಿಗಳು, ಕನ್ನಡಪರ ಹೋರಾಟಗಾರರು ಹಾಗೂ ಸಾರ್ವಜನಿಕರು ಉಪಸ್ಥಿತರಿದ್ದರು.
ಚೆಸ್‌ನಲ್ಲಿ ರಾಷ್ಟ್ರಮಟ್ಟಕ್ಕೆ ಆಯ್ಕೆ
ಲಿಖಿತಾ ಮತ್ತು ಅನಘ
ಮೈಸೂರು, ನ.2(ಎಸ್‌ಪಿಡಿ)- ಶಾಲಾ ಶಿಕ್ಷಣ ಇಲಾಖೆ ವತಿಯಿಂದ ದಕ್ಷಿಣ ಜಿಲ್ಲೆಯ ಆನೇಕಲ್ ತಾಲೂಕಿನ ಬೊಮ್ಮಸಂದ್ರದಲ್ಲಿ ಇತ್ತೀಚೆಗೆ ನಡೆದ ರಾಜ್ಯ ಮಟ್ಟದ ಚದುರಂಗ(ಚೆಸ್) ಪಂದ್ಯಾವಳಿಯ 14-17 ವಯೋಮಾನದ ವಿಭಾಗದಲ್ಲಿ ನಗರದ ಶಾಲೆಯ ವಿದ್ಯಾರ್ಥಿನಿಯರಾದ ಲಿಖಿತಾ ಮತ್ತು ಅನಘ ಉತ್ತಮ ಪ್ರದರ್ಶನ ನೀಡಿ ರಾಷ್ಟ್ರಮಟ್ಟದ ಪಂದ್ಯಾವಳಿಗೆ ಆಯ್ಕೆಯಾಗಿದ್ದಾರೆ. ಇವರ ಸಾಧನೆಗೆ ಶಾಲೆಯ ಆಡಳಿತ ಮಂಡಳಿ, ಮುಖ್ಯ ಶಿಕ್ಷಕರು, ದೈಹಿಕ ಶಿಕ್ಷಣ ಶಿಕ್ಷಕರು ಹಾಗೂ ಪೋಷಕರು ಅಭಿನಂದನೆ ಸಲ್ಲಿಸಿದ್ದಾರೆ. ಇಬ್ಬರೂ ವಿದ್ಯಾರ್ಥಿನಿಯರು ಚೆಸ್‌ನಲ್ಲಿ ಹಲವು ಪ್ರಶಸ್ತಿಗಳನ್ನು ಪಡೆದಿದ್ದಾರೆ. ರಾಷ್ಟ್ರಮಟ್ಟದಲ್ಲೂ ಉತ್ತಮ ಪ್ರದರ್ಶನ ನೀಡುವ ವಿಶ್ವಾಸ ವ್ಯಕ್ತಪಡಿಸಿದ್ದಾರೆ.
Printed by T.S. Gopinath, Published by M. Govinde Gowda on behalf of Academy Newspapers Private Limited, 15-C Industrial 'A' Layout, Bannimantap, Mysore-570 015 and Printed at Academy Newspapers Private Limited, 15-C Industrial 'A' Layout, Bannimantap, Mysore-570 015 and Published at 15-C Industrial 'A' Layout, Bannimantap, Mysore-570 015, Editor: M. Govinde Gowda Ph: 2496520 / 2496521 / 2496526 / 2496527 / 2496528. Fax: 0821-2496525. CITY OFFICES: Visveswaraya Building, III Floor, K.R. CIRCLE, MYSORE-570 001, Ph: 2431774 and No. 114, D. DEVARAJ URS ROAD (Opposite Big Bus), MYSORE-570 001. Ph: 2428695. RNI Reg. No. 36581 / 1980 E-mail address: news@mysurumithra.com For advertisements: ad@mysurumithra.com
